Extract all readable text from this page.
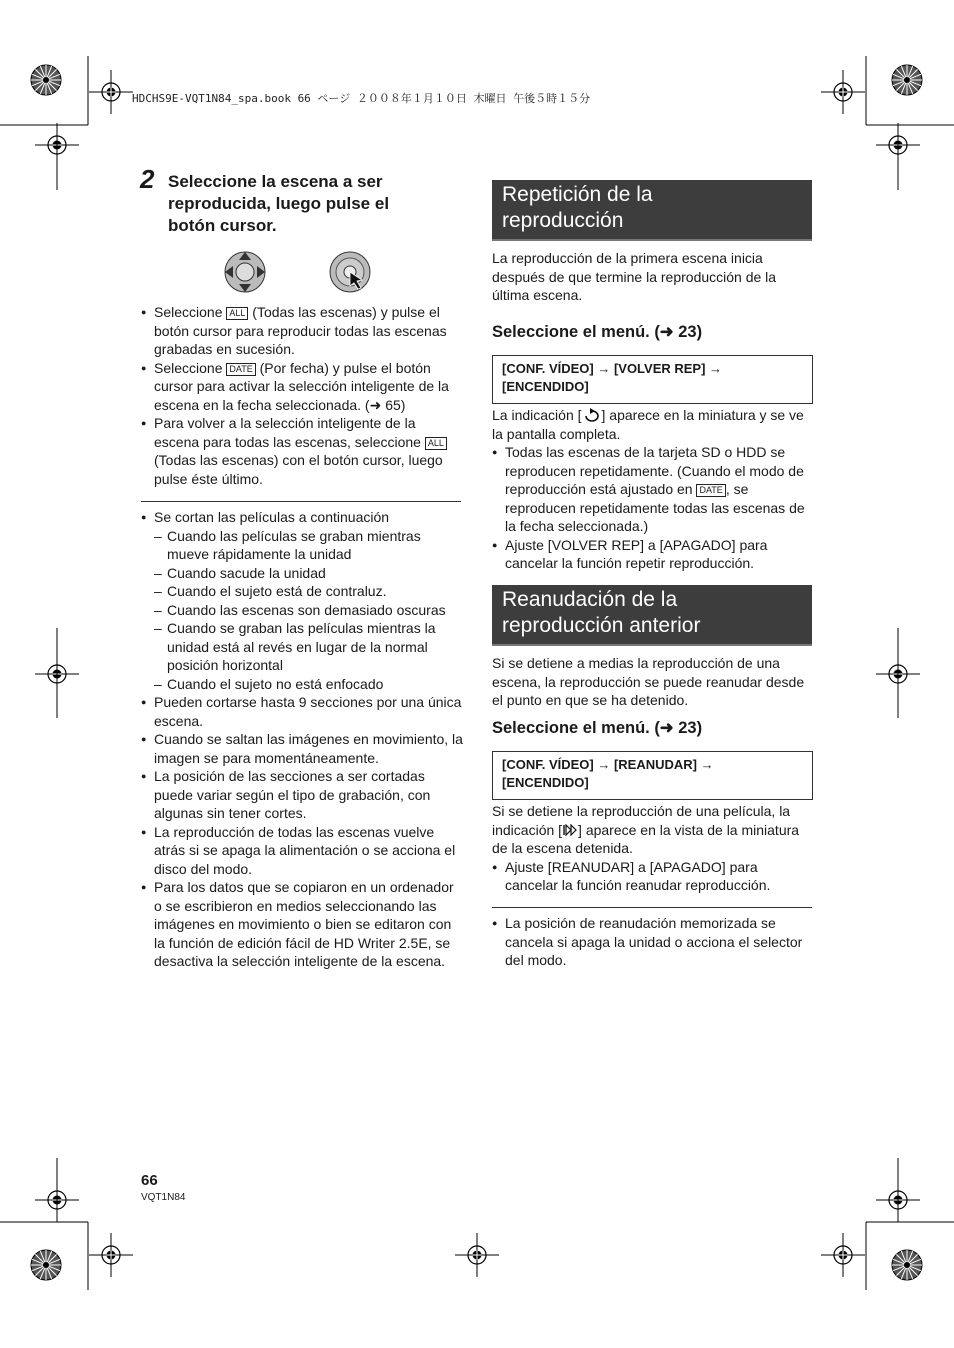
HDCHS9E-VQT1N84_spa.book 66 ページ ２００８年１月１０日 木曜日 午後５時１５分
2 Seleccione la escena a ser
reproducida, luego pulse el
botón cursor.

● Seleccione ALL (Todas las escenas) y pulse el botón cursor para reproducir todas las escenas grabadas en sucesión.

● Seleccione DATE (Por fecha) y pulse el botón cursor para activar la selección inteligente de la escena en la fecha seleccionada. (➜ 65)

● Para volver a la selección inteligente de la escena para todas las escenas, seleccione ALL (Todas las escenas) con el botón cursor, luego pulse éste último.

● Se cortan las películas a continuación

– Cuando las películas se graban mientras mueve rápidamente la unidad

– Cuando sacude la unidad

– Cuando el sujeto está de contraluz.

– Cuando las escenas son demasiado oscuras

– Cuando se graban las películas mientras la unidad está al revés en lugar de la normal posición horizontal

– Cuando el sujeto no está enfocado

● Pueden cortarse hasta 9 secciones por una única escena.

● Cuando se saltan las imágenes en movimiento, la imagen se para momentáneamente.

● La posición de las secciones a ser cortadas puede variar según el tipo de grabación, con algunas sin tener cortes.

● La reproducción de todas las escenas vuelve atrás si se apaga la alimentación o se acciona el disco del modo.

● Para los datos que se copiaron en un ordenador o se escribieron en medios seleccionando las imágenes en movimiento o bien se editaron con la función de edición fácil de HD Writer 2.5E, se desactiva la selección inteligente de la escena.

Repetición de la
reproducción
La reproducción de la primera escena inicia después de que termine la reproducción de la última escena.
Seleccione el menú. (➜ 23)
[CONF. VÍDEO] → [VOLVER REP] →
[ENCENDIDO]

La indicación [ ] aparece en la miniatura y se ve la pantalla completa.

● Todas las escenas de la tarjeta SD o HDD se reproducen repetidamente. (Cuando el modo de reproducción está ajustado en DATE , se reproducen repetidamente todas las escenas de la fecha seleccionada.)

● Ajuste [VOLVER REP] a [APAGADO] para cancelar la función repetir reproducción.

Reanudación de la
reproducción anterior
Si se detiene a medias la reproducción de una escena, la reproducción se puede reanudar desde el punto en que se ha detenido.
Seleccione el menú. (➜ 23)
[CONF. VÍDEO] → [REANUDAR] →
[ENCENDIDO]

Si se detiene la reproducción de una película, la indicación [ ] aparece en la vista de la miniatura de la escena detenida.

● Ajuste [REANUDAR] a [APAGADO] para cancelar la función reanudar reproducción.

● La posición de reanudación memorizada se cancela si apaga la unidad o acciona el selector del modo.

66
VQT1N84
